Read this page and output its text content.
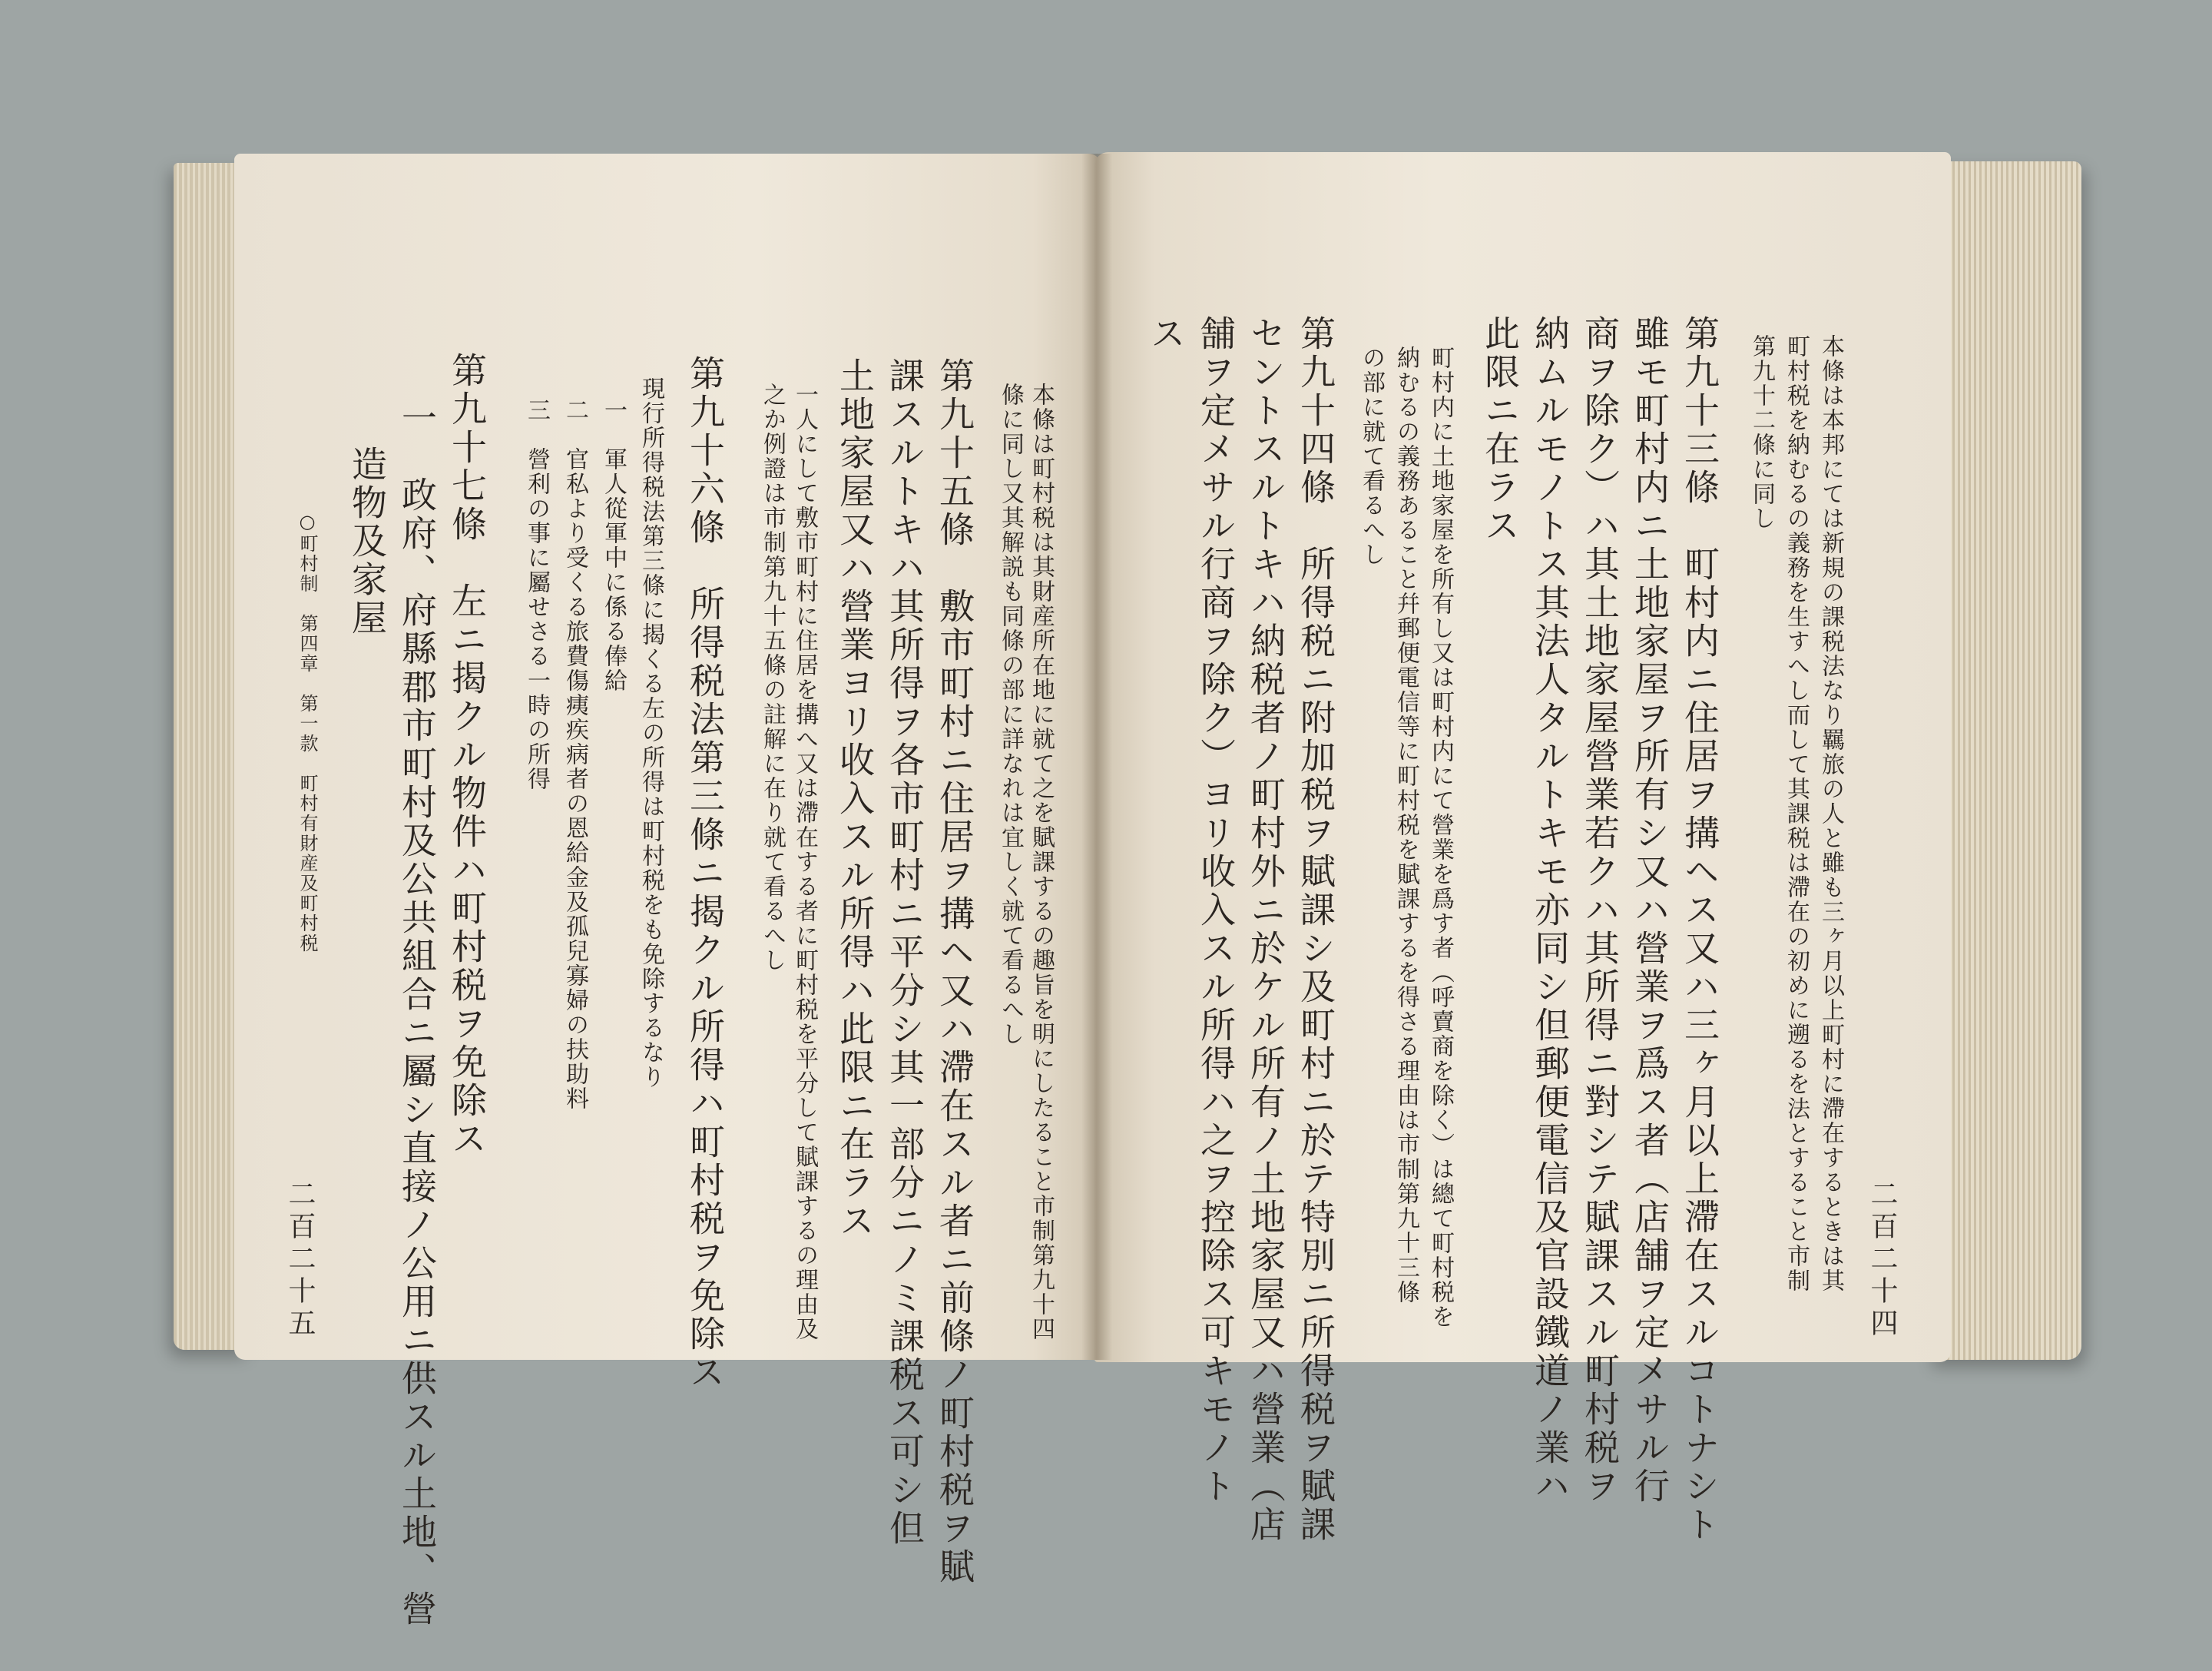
本條は町村税は其財産所在地に就て之を賦課するの趣旨を明にしたること市制第九十四
條に同し又其解説も同條の部に詳なれは宜しく就て看るへし
第九十五條　敷市町村ニ住居ヲ搆ヘ又ハ滯在スル者ニ前條ノ町村税ヲ賦
課スルトキハ其所得ヲ各市町村ニ平分シ其一部分ニノミ課税ス可シ但
土地家屋又ハ營業ヨリ收入スル所得ハ此限ニ在ラス
一人にして敷市町村に住居を搆へ又は滯在する者に町村税を平分して賦課するの理由及
之か例證は市制第九十五條の註解に在り就て看るへし
第九十六條　所得税法第三條ニ揭クル所得ハ町村税ヲ免除ス
現行所得税法第三條に揭くる左の所得は町村税をも免除するなり
一　軍人從軍中に係る俸給
二　官私より受くる旅費傷痍疾病者の恩給金及孤兒寡婦の扶助料
三　營利の事に屬せさる一時の所得
第九十七條　左ニ揭クル物件ハ町村税ヲ免除ス
一　政府、府縣郡市町村及公共組合ニ屬シ直接ノ公用ニ供スル土地、營
造物及家屋
○町村制　第四章　第一款　町村有財産及町村税
二百二十五	二百二十四
本條は本邦にては新規の課税法なり羈旅の人と雖も三ヶ月以上町村に滯在するときは其
町村税を納むるの義務を生すへし而して其課税は滯在の初めに遡るを法とすること市制
第九十二條に同し
第九十三條　町村内ニ住居ヲ搆ヘス又ハ三ヶ月以上滯在スルコトナシト
雖モ町村内ニ土地家屋ヲ所有シ又ハ營業ヲ爲ス者（店舗ヲ定メサル行
商ヲ除ク）ハ其土地家屋營業若クハ其所得ニ對シテ賦課スル町村税ヲ
納ムルモノトス其法人タルトキモ亦同シ但郵便電信及官設鐵道ノ業ハ
此限ニ在ラス
町村内に土地家屋を所有し又は町村内にて營業を爲す者（呼賣商を除く）は總て町村税を
納むるの義務あること幷郵便電信等に町村税を賦課するを得さる理由は市制第九十三條
の部に就て看るへし
第九十四條　所得税ニ附加税ヲ賦課シ及町村ニ於テ特別ニ所得税ヲ賦課
セントスルトキハ納税者ノ町村外ニ於ケル所有ノ土地家屋又ハ營業（店
舗ヲ定メサル行商ヲ除ク）ヨリ收入スル所得ハ之ヲ控除ス可キモノト
ス
